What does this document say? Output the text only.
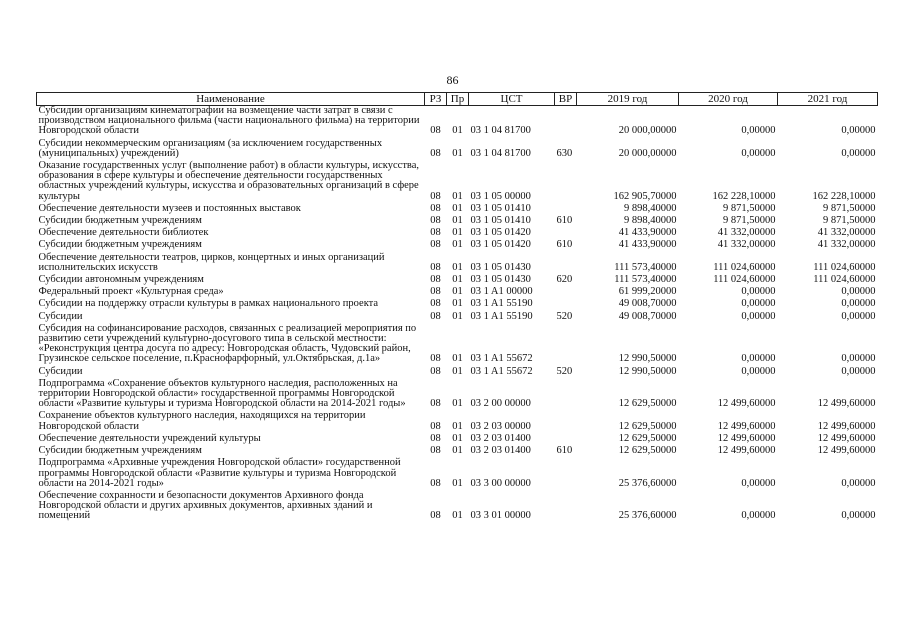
86
Наименование	РЗ	Пр	ЦСТ	ВР	2019 год	2020 год	2021 год
Субсидии организациям кинематографии на возмещение части затрат в связи с производством национального фильма (части национального фильма) на территории Новгородской области	08	01	03 1 04 81700		20 000,00000	0,00000	0,00000
Субсидии некоммерческим организациям (за исключением государственных (муниципальных) учреждений)	08	01	03 1 04 81700	630	20 000,00000	0,00000	0,00000
Оказание государственных услуг (выполнение работ) в области культуры, искусства, образования в сфере культуры и обеспечение деятельности государственных областных учреждений культуры, искусства и образовательных организаций в сфере культуры	08	01	03 1 05 00000		162 905,70000	162 228,10000	162 228,10000
Обеспечение деятельности музеев и постоянных выставок	08	01	03 1 05 01410		9 898,40000	9 871,50000	9 871,50000
Субсидии бюджетным учреждениям	08	01	03 1 05 01410	610	9 898,40000	9 871,50000	9 871,50000
Обеспечение деятельности библиотек	08	01	03 1 05 01420		41 433,90000	41 332,00000	41 332,00000
Субсидии бюджетным учреждениям	08	01	03 1 05 01420	610	41 433,90000	41 332,00000	41 332,00000
Обеспечение деятельности театров, цирков, концертных и иных организаций исполнительских искусств	08	01	03 1 05 01430		111 573,40000	111 024,60000	111 024,60000
Субсидии автономным учреждениям	08	01	03 1 05 01430	620	111 573,40000	111 024,60000	111 024,60000
Федеральный проект «Культурная среда»	08	01	03 1 A1 00000		61 999,20000	0,00000	0,00000
Субсидии на поддержку отрасли культуры в рамках национального проекта	08	01	03 1 A1 55190		49 008,70000	0,00000	0,00000
Субсидии	08	01	03 1 A1 55190	520	49 008,70000	0,00000	0,00000
Субсидия на софинансирование расходов, связанных с реализацией мероприятия по развитию сети учреждений культурно-досугового типа в сельской местности: «Реконструкция центра досуга по адресу: Новгородская область, Чудовский район, Грузинское сельское поселение, п.Краснофарфорный, ул.Октябрьская, д.1а»	08	01	03 1 A1 55672		12 990,50000	0,00000	0,00000
Субсидии	08	01	03 1 A1 55672	520	12 990,50000	0,00000	0,00000
Подпрограмма «Сохранение объектов культурного наследия, расположенных на территории Новгородской области» государственной программы Новгородской области «Развитие культуры и туризма Новгородской области на 2014-2021 годы»	08	01	03 2 00 00000		12 629,50000	12 499,60000	12 499,60000
Сохранение объектов культурного наследия, находящихся на территории Новгородской области	08	01	03 2 03 00000		12 629,50000	12 499,60000	12 499,60000
Обеспечение деятельности учреждений культуры	08	01	03 2 03 01400		12 629,50000	12 499,60000	12 499,60000
Субсидии бюджетным учреждениям	08	01	03 2 03 01400	610	12 629,50000	12 499,60000	12 499,60000
Подпрограмма «Архивные учреждения Новгородской области» государственной программы Новгородской области «Развитие культуры и туризма Новгородской области на 2014-2021 годы»	08	01	03 3 00 00000		25 376,60000	0,00000	0,00000
Обеспечение сохранности и безопасности документов Архивного фонда Новгородской области и других архивных документов, архивных зданий и помещений	08	01	03 3 01 00000		25 376,60000	0,00000	0,00000
